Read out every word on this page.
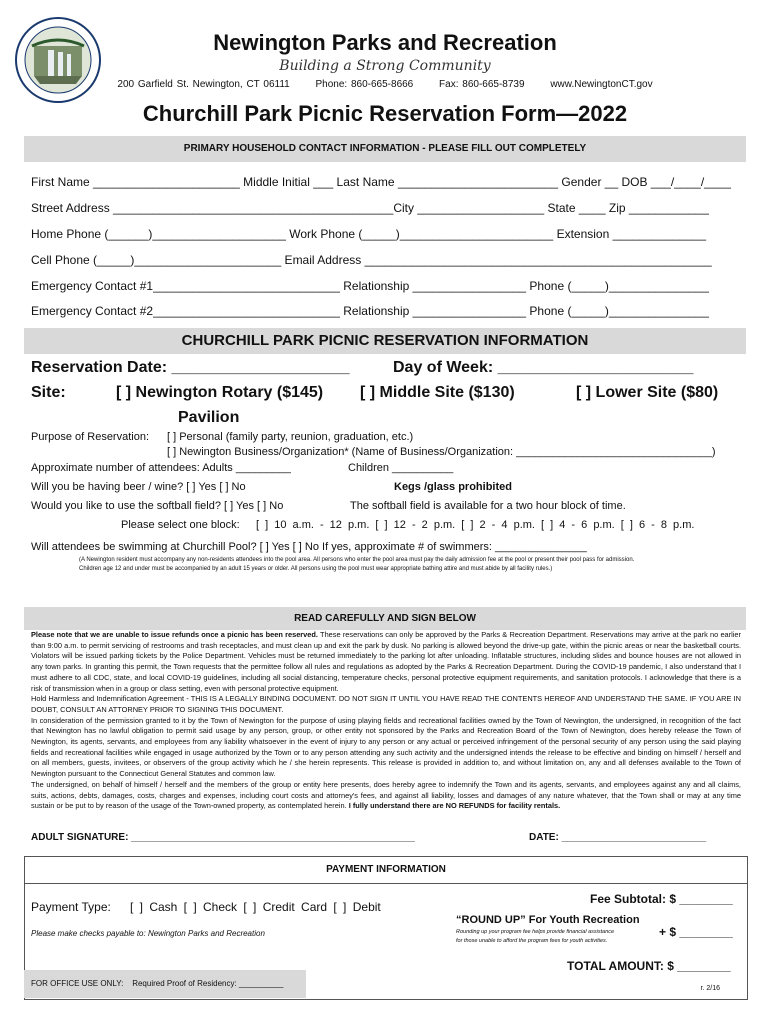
Newington Parks and Recreation
Building a Strong Community
200 Garfield St. Newington, CT 06111	Phone: 860-665-8666	Fax: 860-665-8739	www.NewingtonCT.gov
Churchill Park Picnic Reservation Form—2022
PRIMARY HOUSEHOLD CONTACT INFORMATION - PLEASE FILL OUT COMPLETELY
First Name ______________________ Middle Initial ___ Last Name ________________________ Gender __ DOB ___/____/____
Street Address __________________________________________City ___________________ State ____ Zip ____________
Home Phone (______)____________________ Work Phone (_____)_______________________ Extension ______________
Cell Phone (_____)______________________ Email Address ____________________________________________________
Emergency Contact #1____________________________ Relationship _________________ Phone (_____)_______________
Emergency Contact #2____________________________ Relationship _________________ Phone (_____)_______________
CHURCHILL PARK PICNIC RESERVATION INFORMATION
Reservation Date: ____________________	Day of Week: ______________________
Site:	[ ] Newington Rotary ($145)
Pavilion
[ ] Middle Site ($130)	[ ] Lower Site ($80)
Purpose of Reservation: [ ] Personal (family party, reunion, graduation, etc.)
[ ] Newington Business/Organization* (Name of Business/Organization: ________________________________)
Approximate number of attendees: Adults _________	Children __________
Will you be having beer / wine? [ ] Yes [ ] No	Kegs /glass prohibited
Would you like to use the softball field? [ ] Yes [ ] No	The softball field is available for a two hour block of time.
Please select one block: [ ] 10 a.m. - 12 p.m. [ ] 12 - 2 p.m. [ ] 2 - 4 p.m. [ ] 4 - 6 p.m. [ ] 6 - 8 p.m.
Will attendees be swimming at Churchill Pool? [ ] Yes [ ] No If yes, approximate # of swimmers: _______________
(A Newington resident must accompany any non-residents attendees into the pool area. All persons who enter the pool area must pay the daily admission fee at the pool or present their pool pass for admission.
Children age 12 and under must be accompanied by an adult 15 years or older. All persons using the pool must wear appropriate bathing attire and must abide by all facility rules.)
READ CAREFULLY AND SIGN BELOW

Please note that we are unable to issue refunds once a picnic has been reserved. These reservations can only be approved by the Parks & Recreation Department. Reservations may arrive at the park no earlier than 9:00 a.m. to permit servicing of restrooms and trash receptacles, and must clean up and exit the park by dusk. No parking is allowed beyond the drive-up gate, within the picnic areas or near the basketball courts. Violators will be issued parking tickets by the Police Department. Vehicles must be returned immediately to the parking lot after unloading. Inflatable structures, including slides and bounce houses are not allowed in any town parks. In granting this permit, the Town requests that the permittee follow all rules and regulations as adopted by the Parks & Recreation Department. During the COVID-19 pandemic, I also understand that I must adhere to all CDC, state, and local COVID-19 guidelines, including all social distancing, temperature checks, personal protective equipment requirements, and sanitation protocols. I acknowledge that there is a risk of transmission when in a group or class setting, even with personal protective equipment.

Hold Harmless and Indemnification Agreement - THIS IS A LEGALLY BINDING DOCUMENT. DO NOT SIGN IT UNTIL YOU HAVE READ THE CONTENTS HEREOF AND UNDERSTAND THE SAME. IF YOU ARE IN DOUBT, CONSULT AN ATTORNEY PRIOR TO SIGNING THIS DOCUMENT.

In consideration of the permission granted to it by the Town of Newington for the purpose of using playing fields and recreational facilities owned by the Town of Newington, the undersigned, in recognition of the fact that Newington has no lawful obligation to permit said usage by any person, group, or other entity not sponsored by the Parks and Recreation Board of the Town of Newington, does hereby release the Town of Newington, its agents, servants, and employees from any liability whatsoever in the event of injury to any person or any actual or perceived infringement of the personal security of any person using the said playing fields and recreational facilities while engaged in usage authorized by the Town or to any person attending any such activity and the undersigned intends the release to be effective and binding on himself / herself and on all members, guests, invitees, or observers of the group activity which he / she herein represents. This release is provided in addition to, and without limitation on, any and all defenses available to the Town of Newington pursuant to the Connecticut General Statutes and common law.

The undersigned, on behalf of himself / herself and the members of the group or entity here presents, does hereby agree to indemnify the Town and its agents, servants, and employees against any and all claims, suits, actions, debts, damages, costs, charges and expenses, including court costs and attorney's fees, and against all liability, losses and damages of any nature whatever, that the Town shall or may at any time sustain or be put to by reason of the usage of the Town-owned property, as contemplated herein. I fully understand there are NO REFUNDS for facility rentals.

ADULT SIGNATURE: ___________________________________________________	DATE: __________________________
PAYMENT INFORMATION
Payment Type: [ ] Cash [ ] Check [ ] Credit Card [ ] Debit
Please make checks payable to: Newington Parks and Recreation
Fee Subtotal: $ ________
“ROUND UP” For Youth Recreation
Rounding up your program fee helps provide financial assistance
for those unable to afford the program fees for youth activities.
+ $ ________
TOTAL AMOUNT: $ ________
FOR OFFICE USE ONLY: Required Proof of Residency: __________
r. 2/16
